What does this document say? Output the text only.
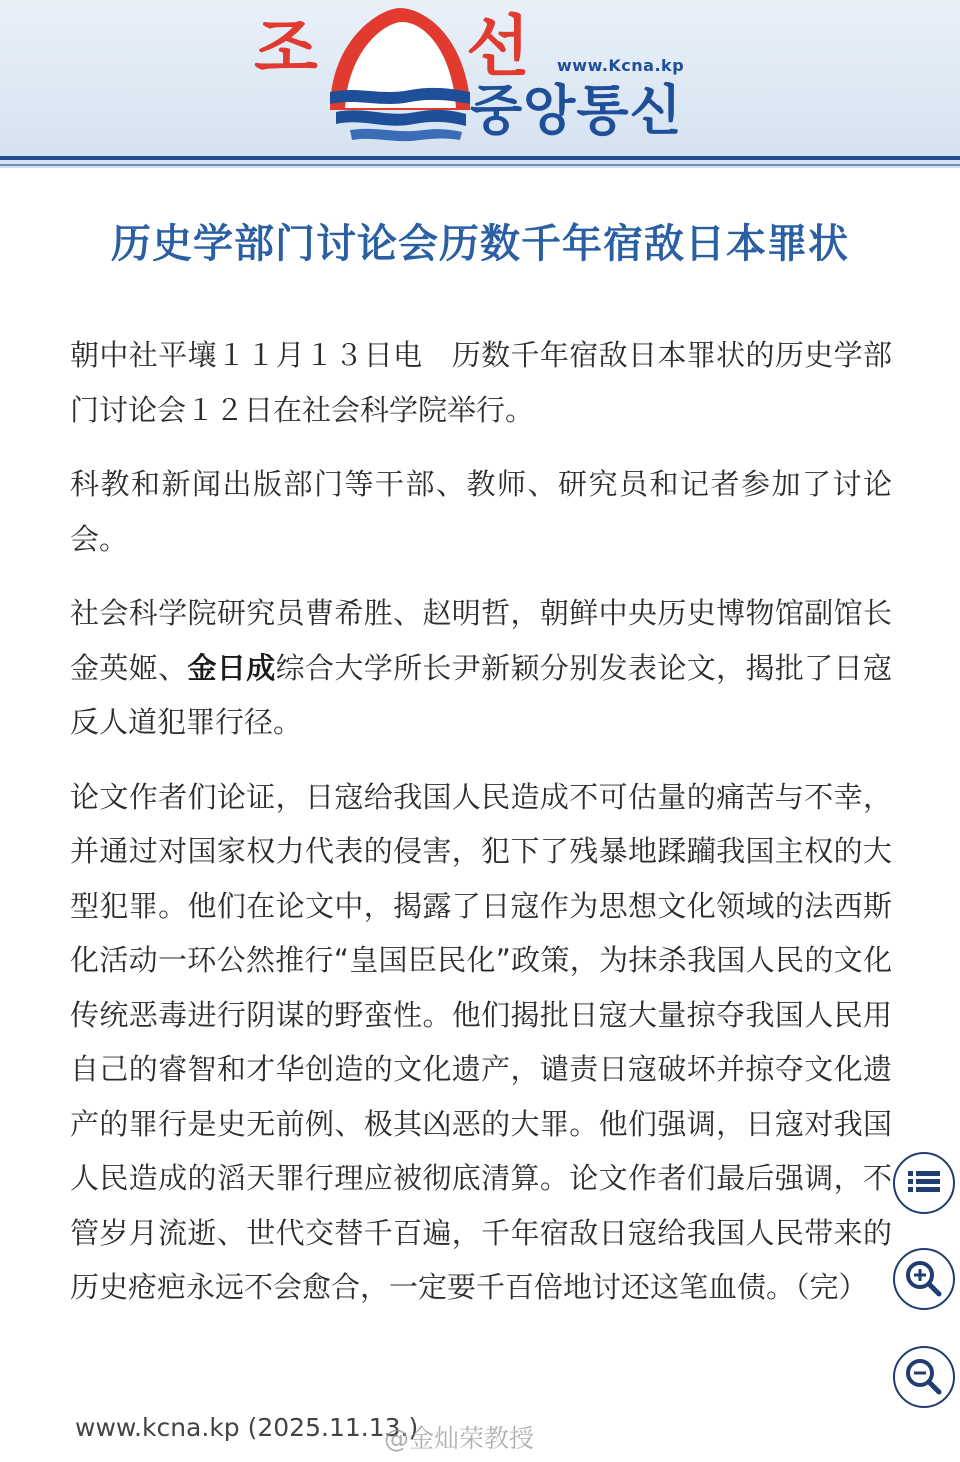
조 선 www.Kcna.kp
중앙통신
历史学部门讨论会历数千年宿敌日本罪状

朝中社平壤１１月１３日电　历数千年宿敌日本罪状的历史学部门讨论会１２日在社会科学院举行。

科教和新闻出版部门等干部、教师、研究员和记者参加了讨论会。

社会科学院研究员曹希胜、赵明哲，朝鲜中央历史博物馆副馆长金英姬、金日成综合大学所长尹新颖分别发表论文，揭批了日寇反人道犯罪行径。

论文作者们论证，日寇给我国人民造成不可估量的痛苦与不幸，并通过对国家权力代表的侵害，犯下了残暴地蹂躏我国主权的大型犯罪。他们在论文中，揭露了日寇作为思想文化领域的法西斯化活动一环公然推行“皇国臣民化”政策，为抹杀我国人民的文化传统恶毒进行阴谋的野蛮性。他们揭批日寇大量掠夺我国人民用自己的睿智和才华创造的文化遗产，谴责日寇破坏并掠夺文化遗产的罪行是史无前例、极其凶恶的大罪。他们强调，日寇对我国人民造成的滔天罪行理应被彻底清算。论文作者们最后强调，不管岁月流逝、世代交替千百遍，千年宿敌日寇给我国人民带来的历史疮疤永远不会愈合，一定要千百倍地讨还这笔血债。（完）

www.kcna.kp (2025.11.13.)
@金灿荣教授
